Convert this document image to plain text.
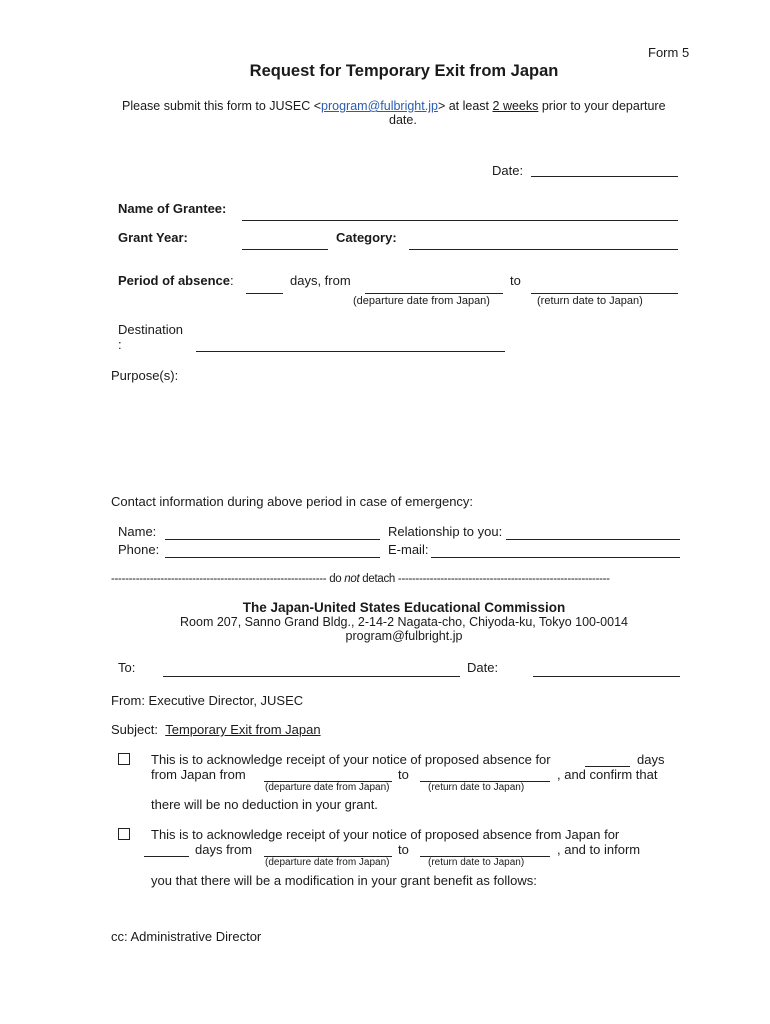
Form 5
Request for Temporary Exit from Japan
Please submit this form to JUSEC <program@fulbright.jp> at least 2 weeks prior to your departure
date.
Date:
Name of Grantee:
Grant Year:	Category:
Period of absence:	days, from	to
(departure date from Japan)	(return date to Japan)
Destination
:
Purpose(s):
Contact information during above period in case of emergency:
Name:	Relationship to you:
Phone:	E-mail:
------------------------------------------------------------- do not detach ------------------------------------------------------------
The Japan-United States Educational Commission
Room 207, Sanno Grand Bldg., 2-14-2 Nagata-cho, Chiyoda-ku, Tokyo 100-0014
program@fulbright.jp
To:	Date:
From: Executive Director, JUSEC
Subject: Temporary Exit from Japan
This is to acknowledge receipt of your notice of proposed absence for	days
from Japan from	to	, and confirm that
(departure date from Japan)	(return date to Japan)
there will be no deduction in your grant.
This is to acknowledge receipt of your notice of proposed absence from Japan for
days from	to	, and to inform
(departure date from Japan)	(return date to Japan)
you that there will be a modification in your grant benefit as follows:
cc: Administrative Director
